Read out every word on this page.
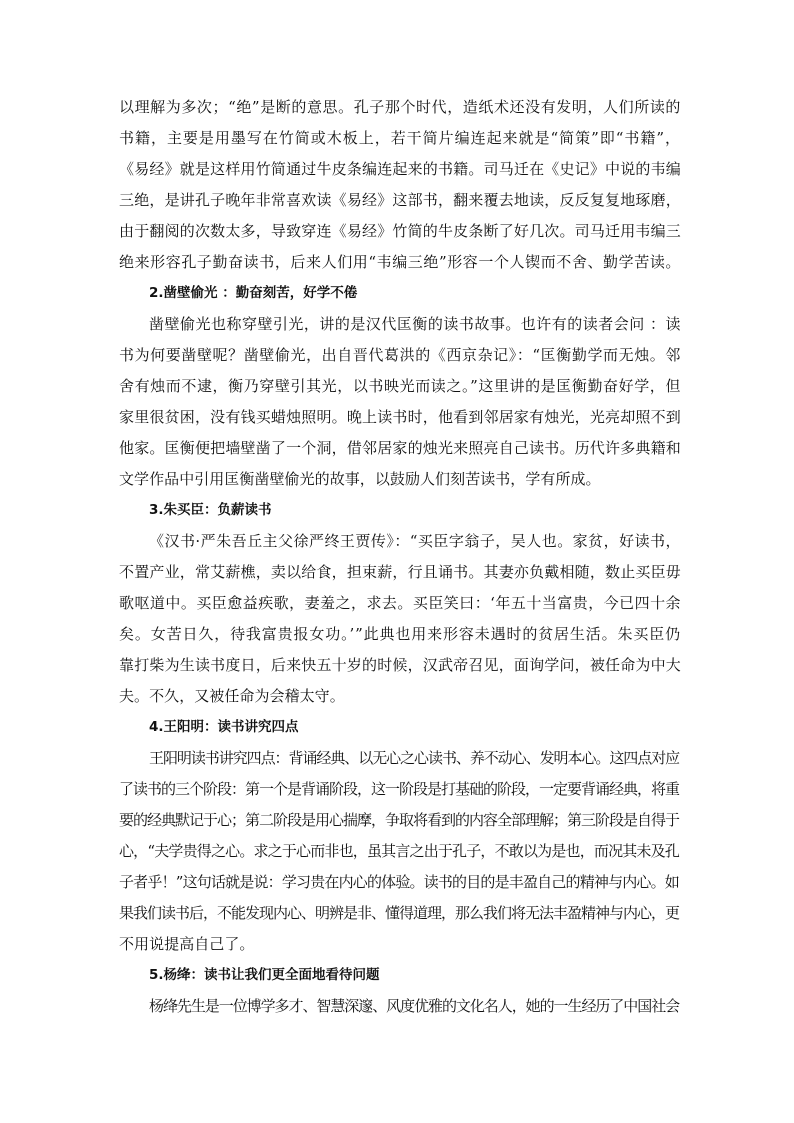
以理解为多次；“绝”是断的意思。孔子那个时代，造纸术还没有发明，人们所读的
书籍，主要是用墨写在竹简或木板上，若干简片编连起来就是“简策”即“书籍”，
《易经》就是这样用竹简通过牛皮条编连起来的书籍。司马迁在《史记》中说的韦编
三绝，是讲孔子晚年非常喜欢读《易经》这部书，翻来覆去地读，反反复复地琢磨，
由于翻阅的次数太多，导致穿连《易经》竹简的牛皮条断了好几次。司马迁用韦编三
绝来形容孔子勤奋读书，后来人们用“韦编三绝”形容一个人锲而不舍、勤学苦读。
2.凿壁偷光 ：勤奋刻苦，好学不倦
凿壁偷光也称穿壁引光，讲的是汉代匡衡的读书故事。也许有的读者会问 ：读
书为何要凿壁呢？凿壁偷光，出自晋代葛洪的《西京杂记》：“匡衡勤学而无烛。邻
舍有烛而不逮，衡乃穿壁引其光，以书映光而读之。”这里讲的是匡衡勤奋好学，但
家里很贫困，没有钱买蜡烛照明。晚上读书时，他看到邻居家有烛光，光亮却照不到
他家。匡衡便把墙壁凿了一个洞，借邻居家的烛光来照亮自己读书。历代许多典籍和
文学作品中引用匡衡凿壁偷光的故事，以鼓励人们刻苦读书，学有所成。
3.朱买臣：负薪读书
《汉书·严朱吾丘主父徐严终王贾传》：“买臣字翁子，吴人也。家贫，好读书，
不置产业，常艾薪樵，卖以给食，担束薪，行且诵书。其妻亦负戴相随，数止买臣毋
歌呕道中。买臣愈益疾歌，妻羞之，求去。买臣笑曰：‘年五十当富贵，今已四十余
矣。女苦日久，待我富贵报女功。’”此典也用来形容未遇时的贫居生活。朱买臣仍
靠打柴为生读书度日，后来快五十岁的时候，汉武帝召见，面询学问，被任命为中大
夫。不久，又被任命为会稽太守。
4.王阳明：读书讲究四点
王阳明读书讲究四点：背诵经典、以无心之心读书、养不动心、发明本心。这四点对应
了读书的三个阶段：第一个是背诵阶段，这一阶段是打基础的阶段，一定要背诵经典，将重
要的经典默记于心；第二阶段是用心揣摩，争取将看到的内容全部理解；第三阶段是自得于
心，“夫学贵得之心。求之于心而非也，虽其言之出于孔子，不敢以为是也，而况其未及孔
子者乎！”这句话就是说：学习贵在内心的体验。读书的目的是丰盈自己的精神与内心。如
果我们读书后，不能发现内心、明辨是非、懂得道理，那么我们将无法丰盈精神与内心，更
不用说提高自己了。
5.杨绛：读书让我们更全面地看待问题
杨绛先生是一位博学多才、智慧深邃、风度优雅的文化名人，她的一生经历了中国社会
